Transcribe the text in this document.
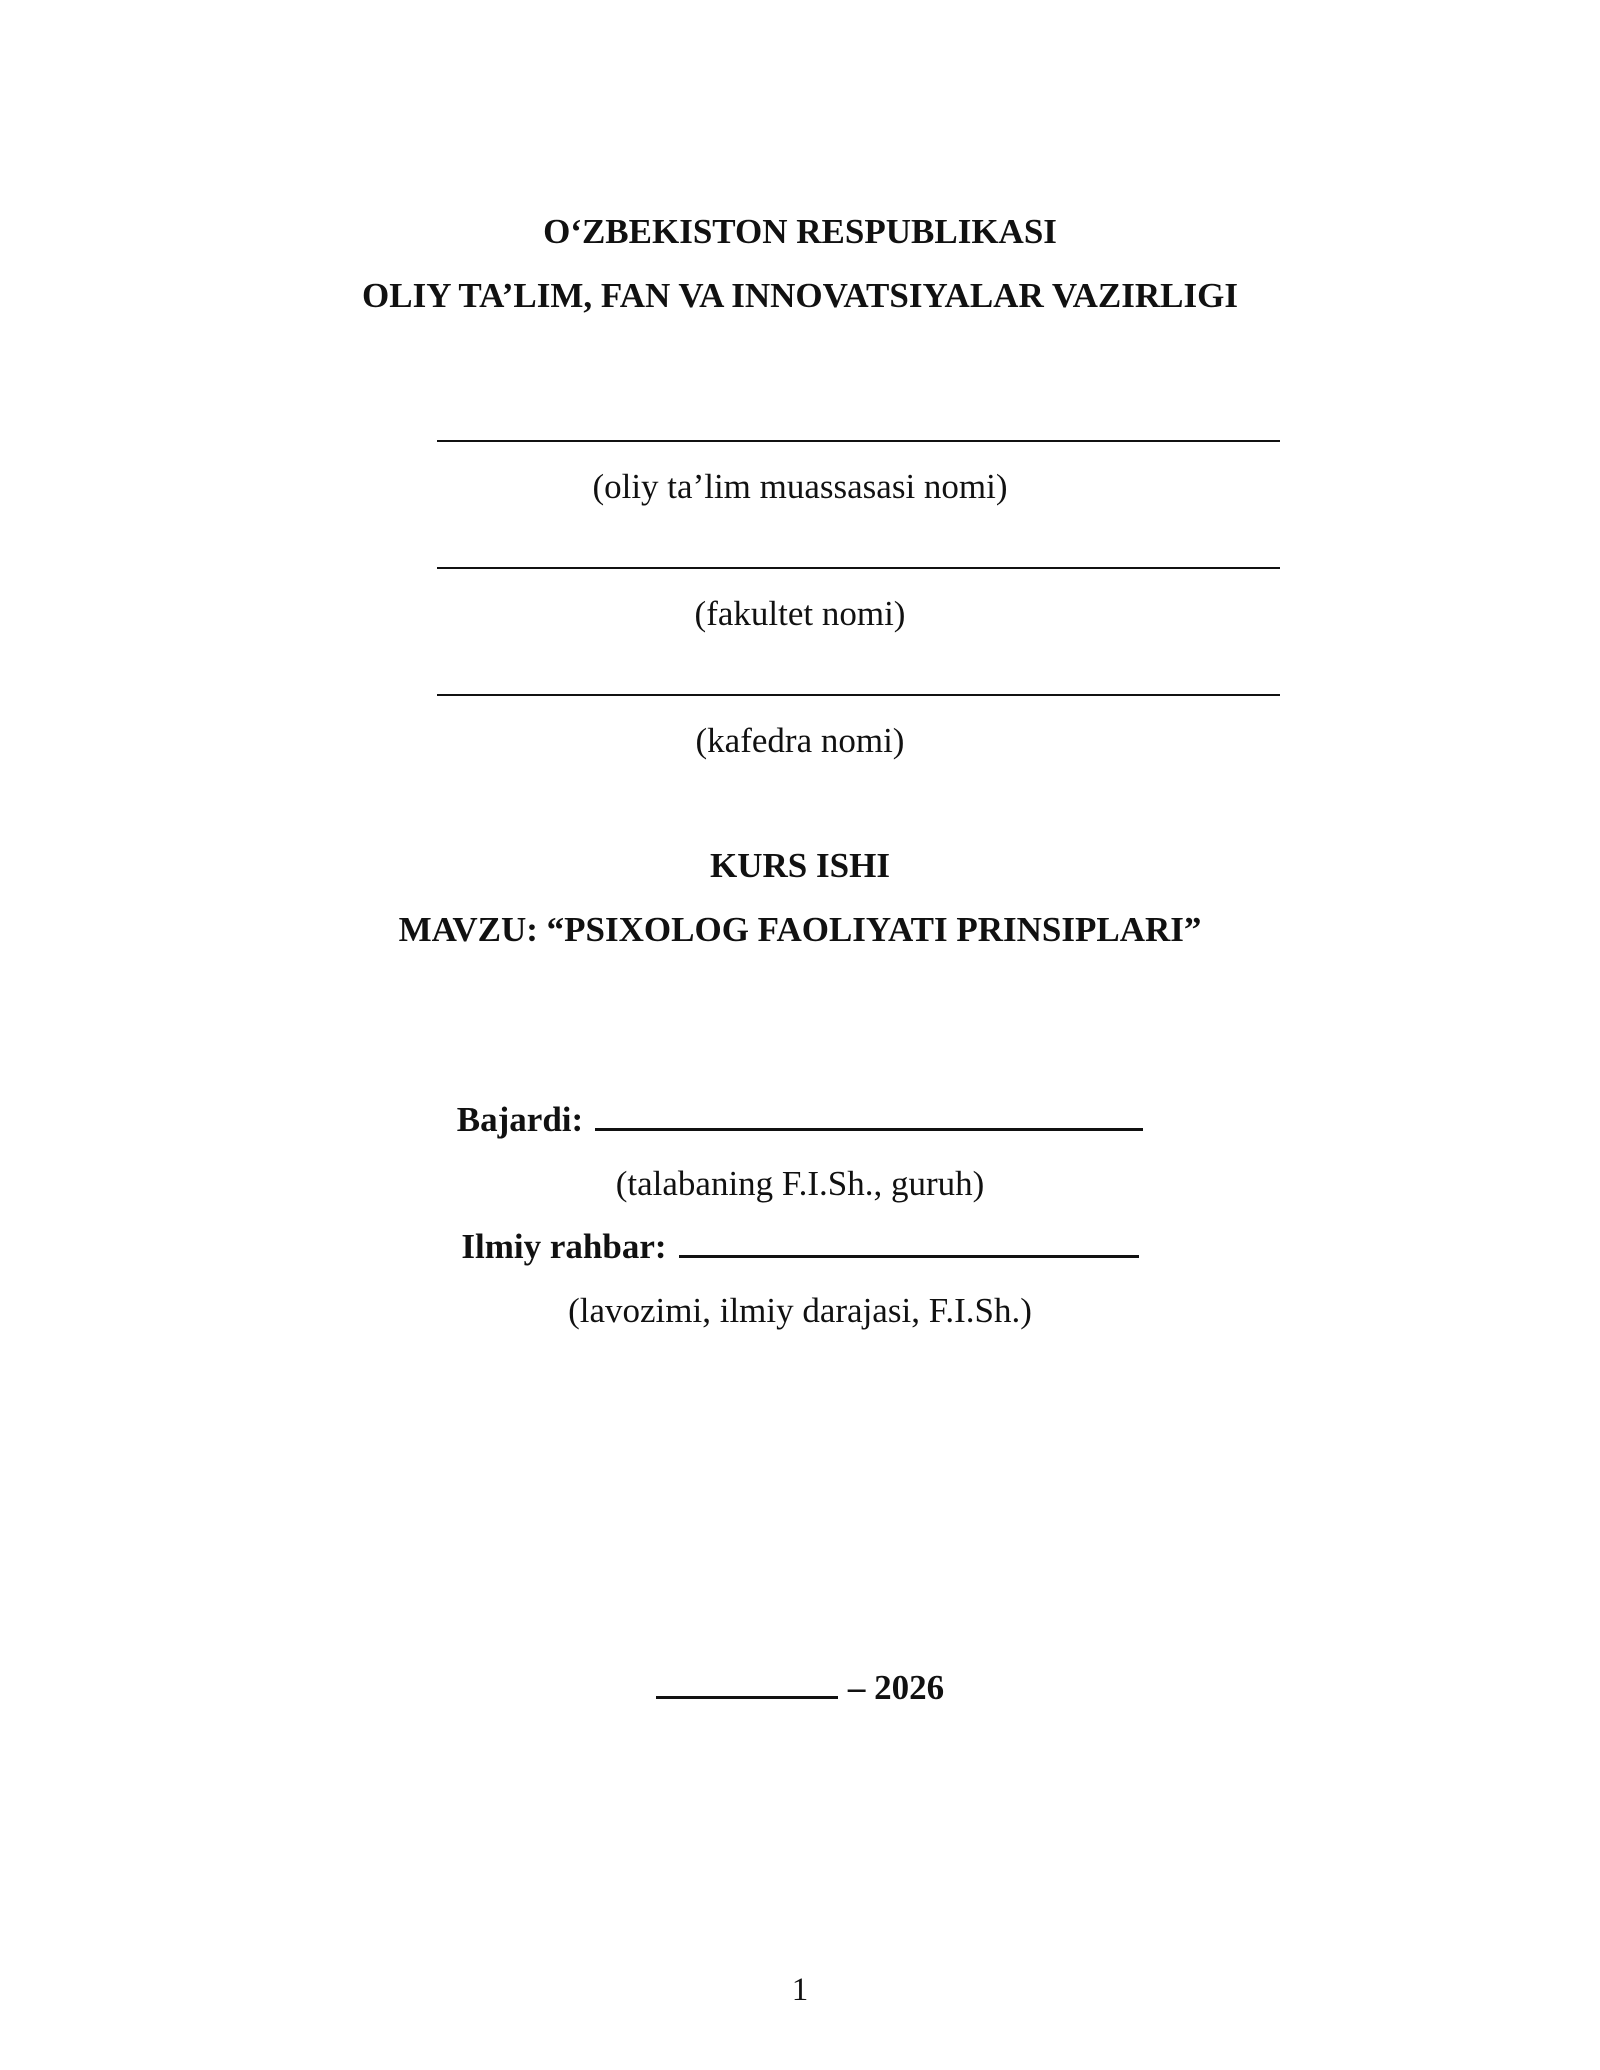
O‘ZBEKISTON RESPUBLIKASI
OLIY TA’LIM, FAN VA INNOVATSIYALAR VAZIRLIGI
(oliy ta’lim muassasasi nomi)
(fakultet nomi)
(kafedra nomi)
KURS ISHI
MAVZU: “PSIXOLOG FAOLIYATI PRINSIPLARI”
Bajardi:
(talabaning F.I.Sh., guruh)
Ilmiy rahbar:
(lavozimi, ilmiy darajasi, F.I.Sh.)
– 2026
1
